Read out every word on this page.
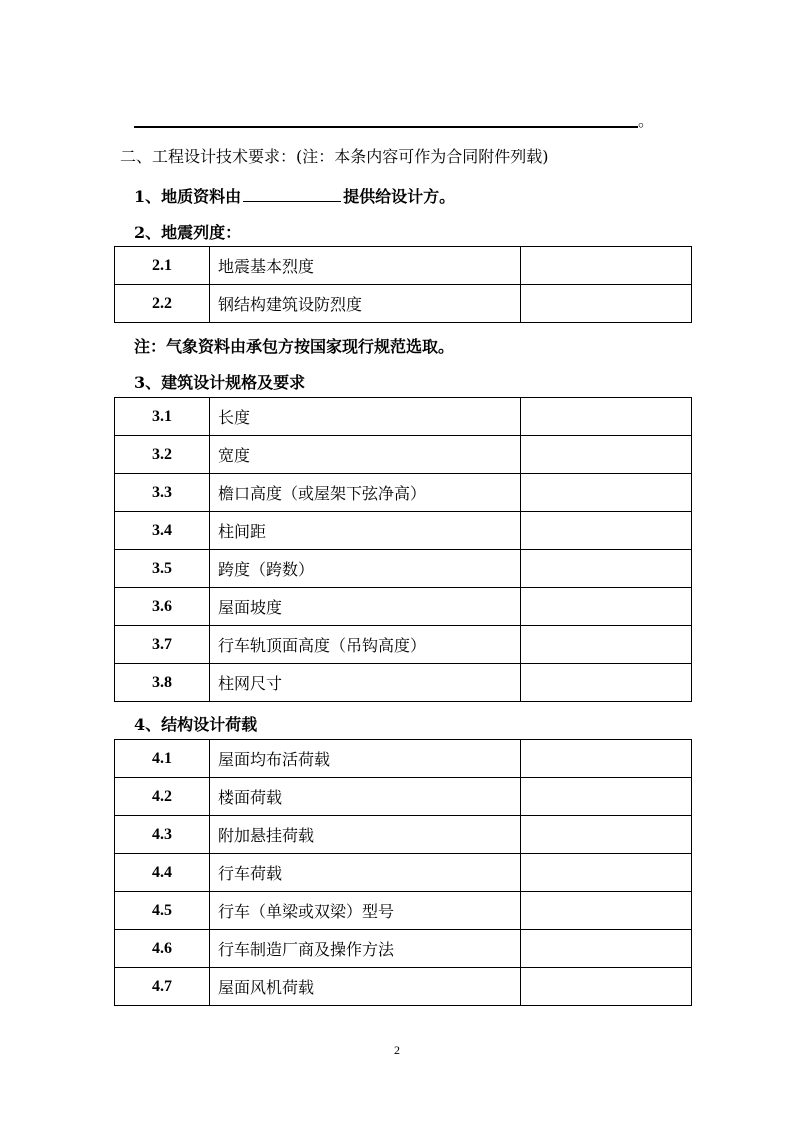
。
二、工程设计技术要求：(注：本条内容可作为合同附件列载)
1、地质资料由	提供给设计方。
2、地震列度：
2.1	地震基本烈度	
2.2	钢结构建筑设防烈度	
注：气象资料由承包方按国家现行规范选取。
3、建筑设计规格及要求
3.1	长度	
3.2	宽度	
3.3	檐口高度（或屋架下弦净高）	
3.4	柱间距	
3.5	跨度（跨数）	
3.6	屋面坡度	
3.7	行车轨顶面高度（吊钩高度）	
3.8	柱网尺寸	
4、结构设计荷载
4.1	屋面均布活荷载	
4.2	楼面荷载	
4.3	附加悬挂荷载	
4.4	行车荷载	
4.5	行车（单梁或双梁）型号	
4.6	行车制造厂商及操作方法	
4.7	屋面风机荷载	
2
